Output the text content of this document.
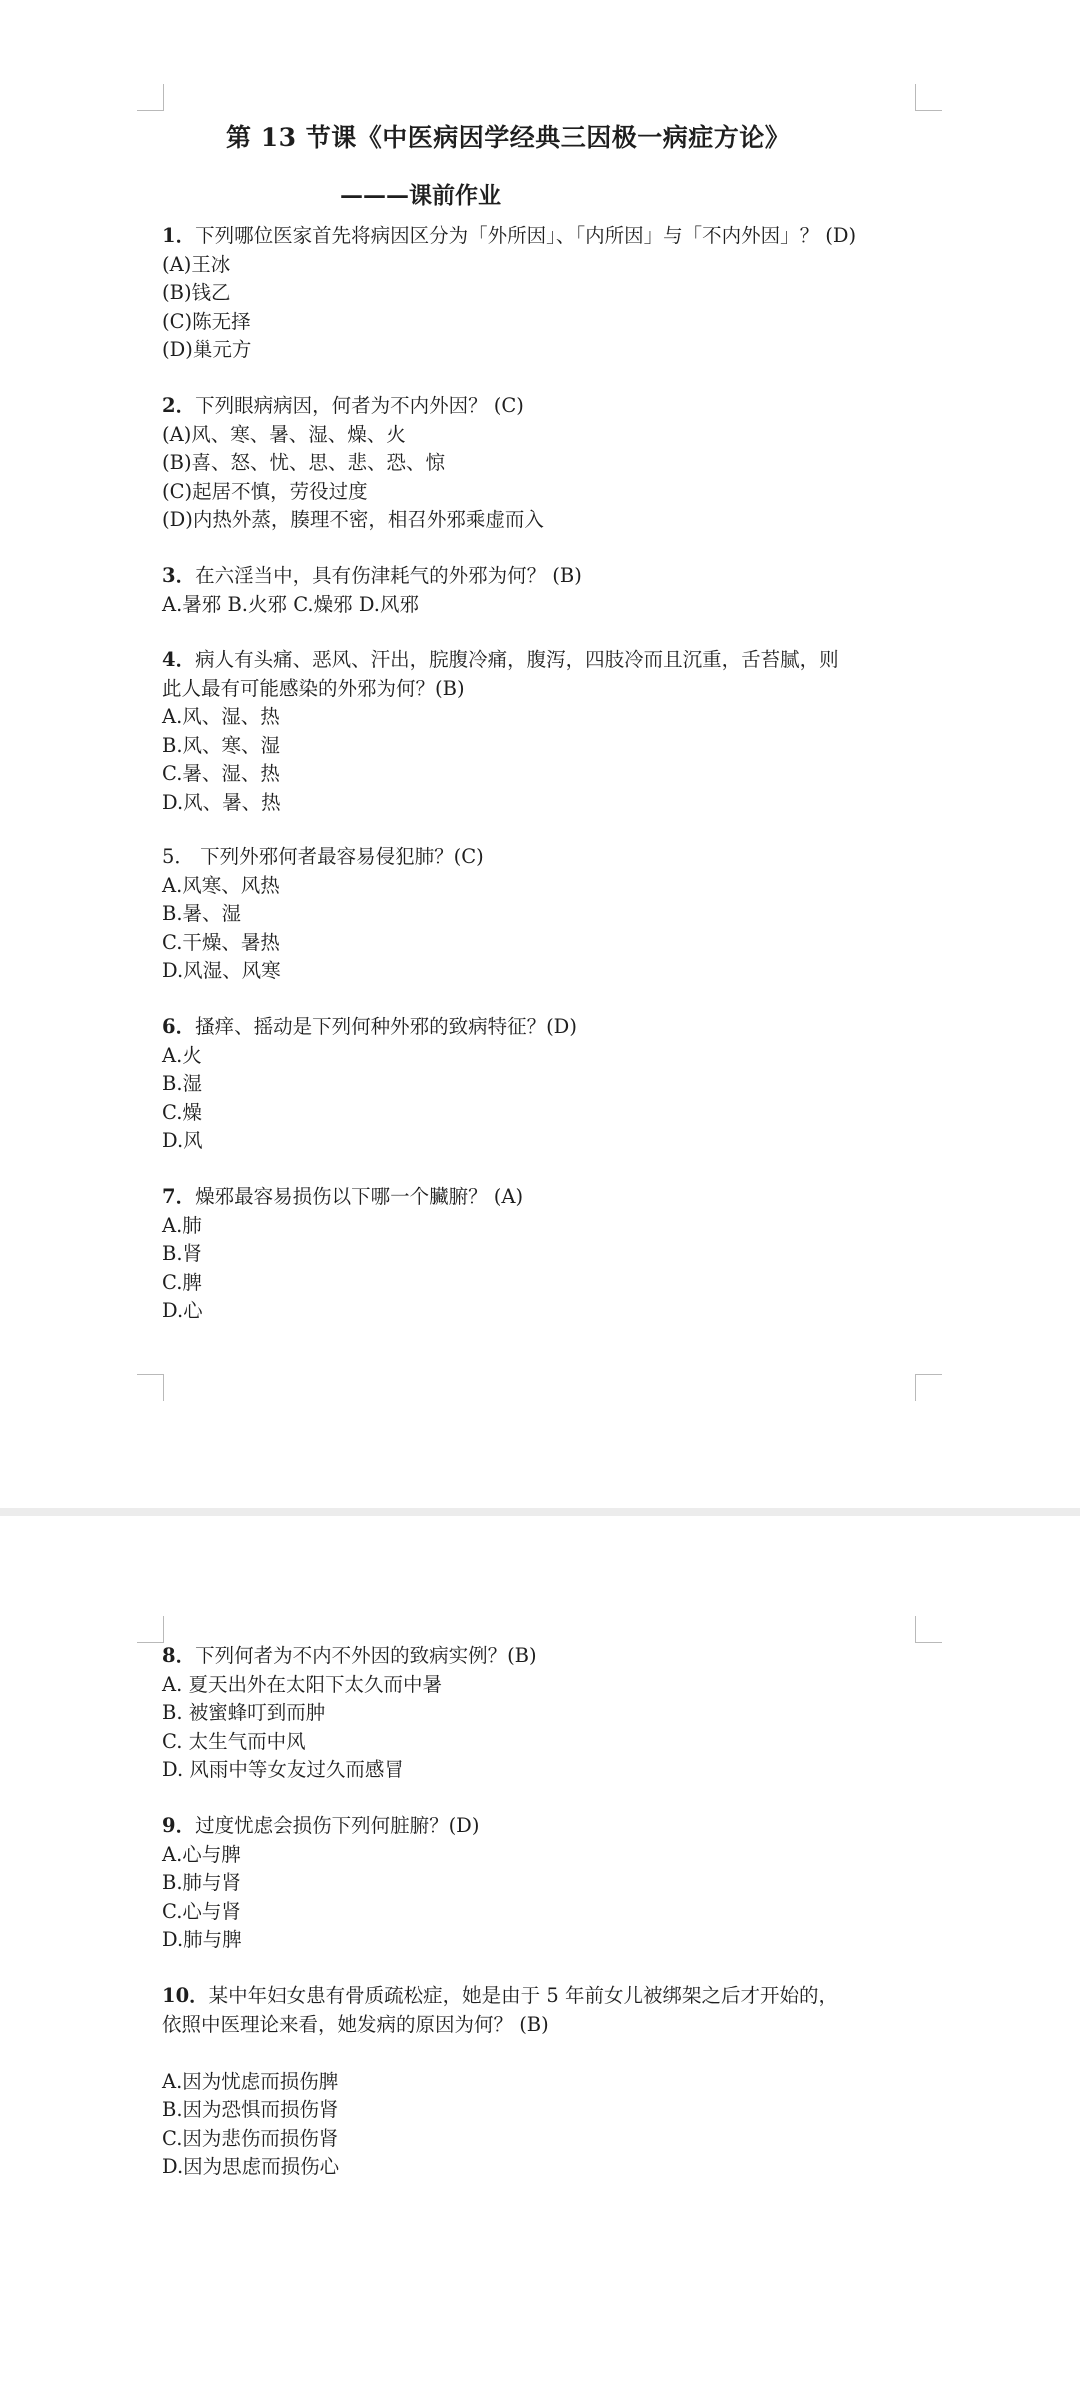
第 13 节课《中医病因学经典三因极一病症方论》
———课前作业
1．下列哪位医家首先将病因区分为「外所因」、「内所因」与「不内外因」？ (D)
(A)王冰
(B)钱乙
(C)陈无择
(D)巢元方
2．下列眼病病因，何者为不内外因？ (C)
(A)风、寒、暑、湿、燥、火
(B)喜、怒、忧、思、悲、恐、惊
(C)起居不慎，劳役过度
(D)内热外蒸，腠理不密，相召外邪乘虚而入
3．在六淫当中，具有伤津耗气的外邪为何？ (B)
A.暑邪 B.火邪 C.燥邪 D.风邪
4．病人有头痛、恶风、汗出，脘腹冷痛，腹泻，四肢冷而且沉重，舌苔腻，则
此人最有可能感染的外邪为何？(B)
A.风、湿、热
B.风、寒、湿
C.暑、湿、热
D.风、暑、热
5． 下列外邪何者最容易侵犯肺？(C)
A.风寒、风热
B.暑、湿
C.干燥、暑热
D.风湿、风寒
6．搔痒、摇动是下列何种外邪的致病特征？(D)
A.火
B.湿
C.燥
D.风
7．燥邪最容易损伤以下哪一个臟腑？ (A)
A.肺
B.肾
C.脾
D.心
8．下列何者为不内不外因的致病实例？(B)
A. 夏天出外在太阳下太久而中暑
B. 被蜜蜂叮到而肿
C. 太生气而中风
D. 风雨中等女友过久而感冒
9．过度忧虑会损伤下列何脏腑？(D)
A.心与脾
B.肺与肾
C.心与肾
D.肺与脾
10．某中年妇女患有骨质疏松症，她是由于 5 年前女儿被绑架之后才开始的，
依照中医理论来看，她发病的原因为何？ (B)
A.因为忧虑而损伤脾
B.因为恐惧而损伤肾
C.因为悲伤而损伤肾
D.因为思虑而损伤心
